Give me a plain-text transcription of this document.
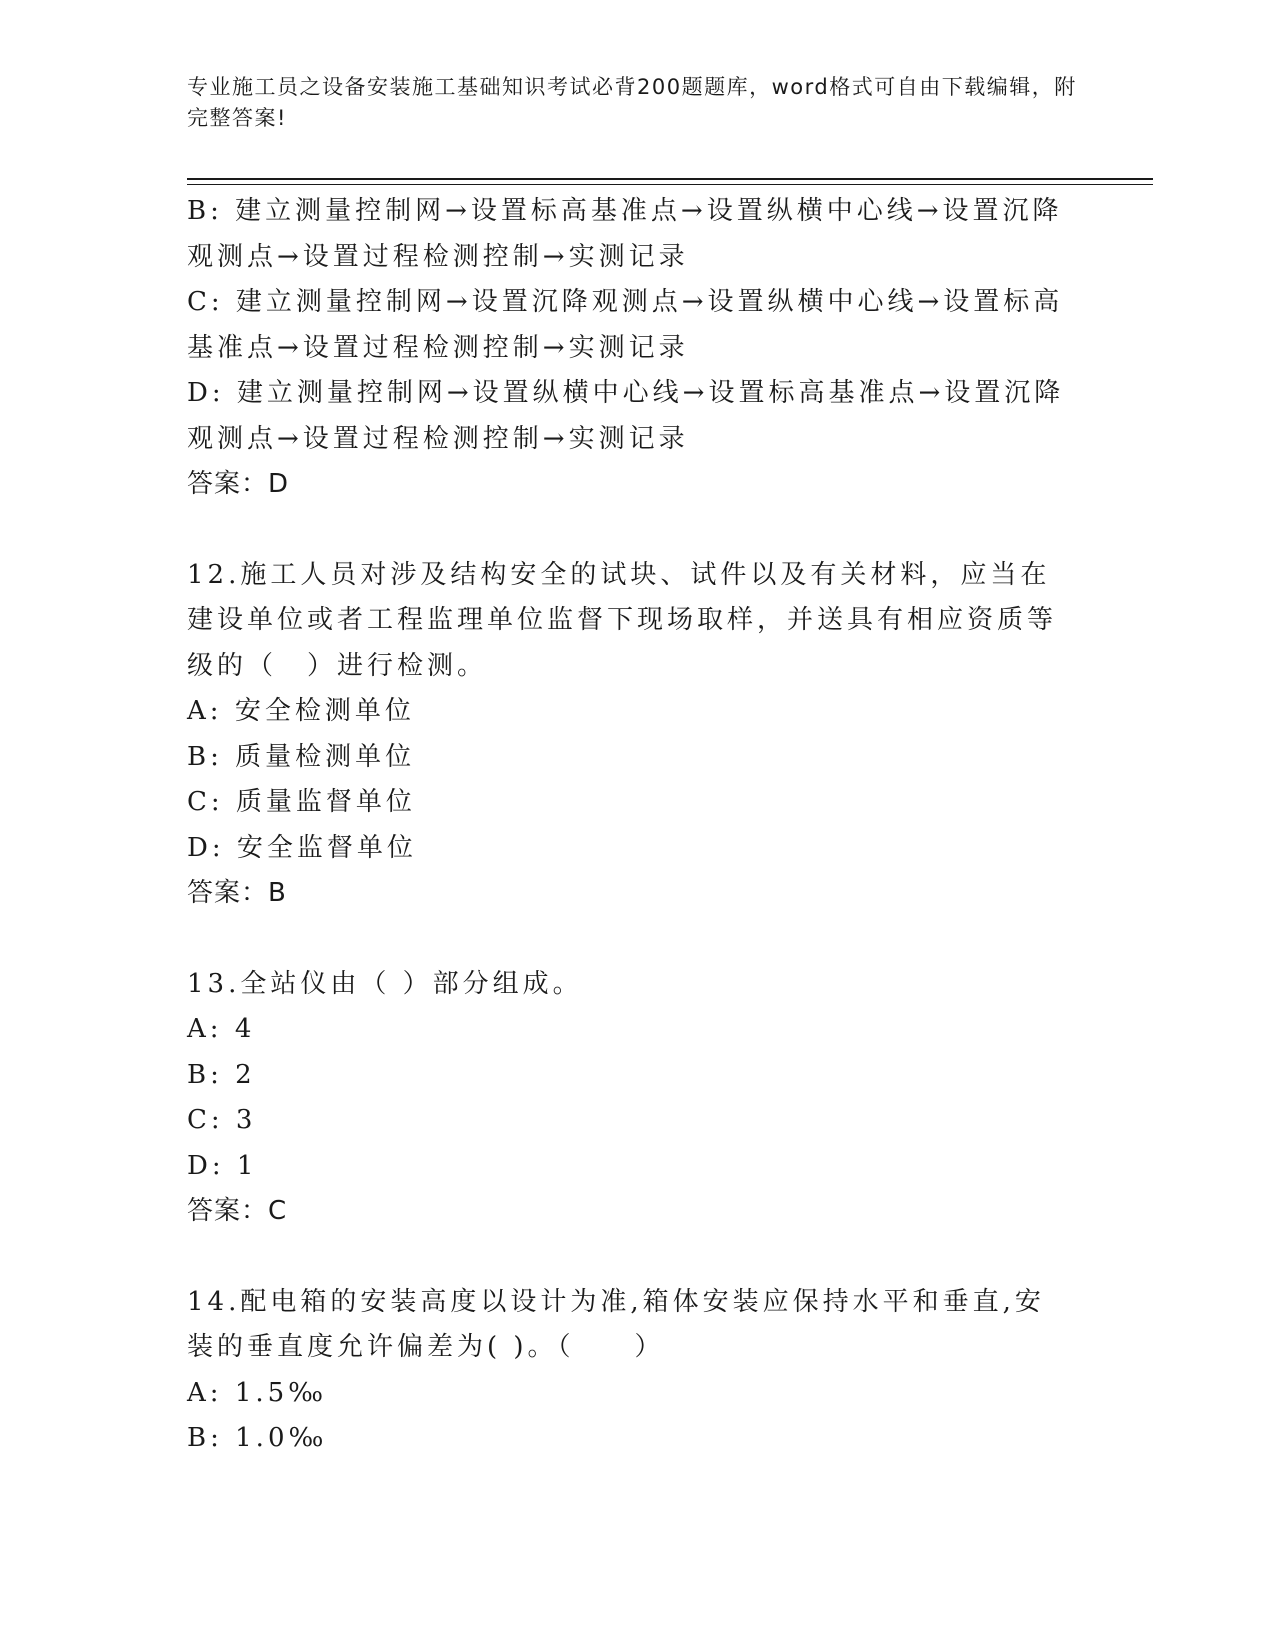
专业施工员之设备安装施工基础知识考试必背200题题库，word格式可自由下载编辑，附完整答案!

B: 建立测量控制网→设置标高基准点→设置纵横中心线→设置沉降观测点→设置过程检测控制→实测记录

C: 建立测量控制网→设置沉降观测点→设置纵横中心线→设置标高基准点→设置过程检测控制→实测记录

D: 建立测量控制网→设置纵横中心线→设置标高基准点→设置沉降观测点→设置过程检测控制→实测记录

答案：D

12.施工人员对涉及结构安全的试块、试件以及有关材料，应当在建设单位或者工程监理单位监督下现场取样，并送具有相应资质等级的（　）进行检测。

A: 安全检测单位

B: 质量检测单位

C: 质量监督单位

D: 安全监督单位

答案：B

13.全站仪由（ ）部分组成。

A: 4

B: 2

C: 3

D: 1

答案：C

14.配电箱的安装高度以设计为准,箱体安装应保持水平和垂直,安装的垂直度允许偏差为( )。（　　）

A: 1.5‰

B: 1.0‰
